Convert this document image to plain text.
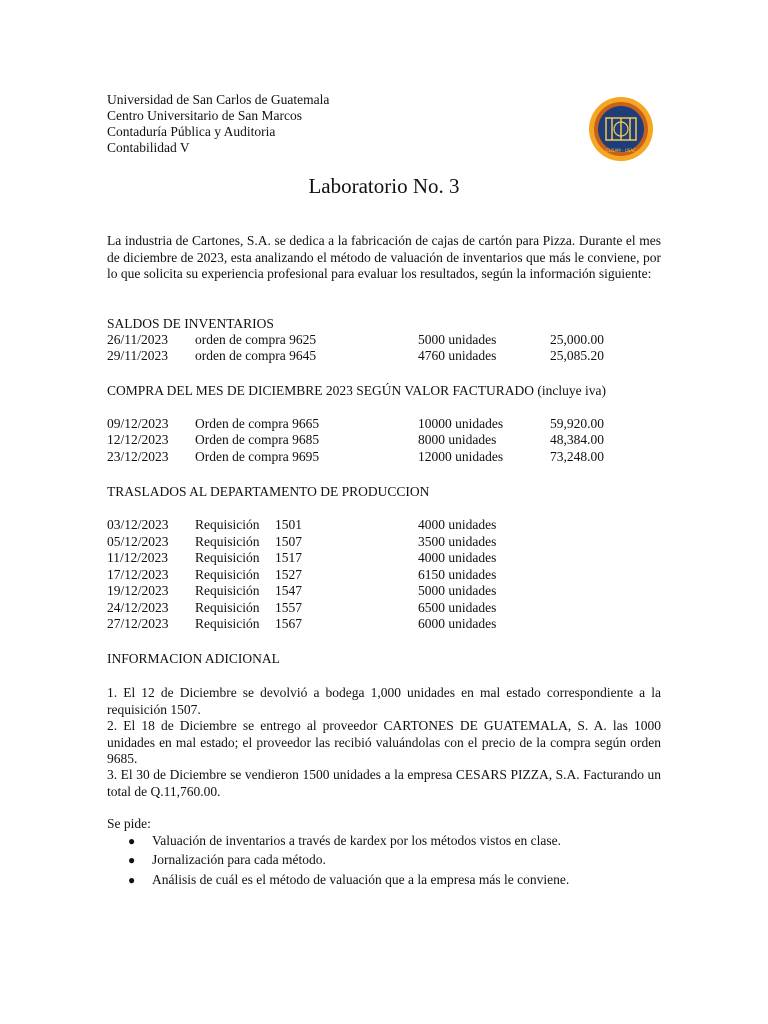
Universidad de San Carlos de Guatemala
Centro Universitario de San Marcos
Contaduría Pública y Auditoria
Contabilidad V	CUSAM - USAC
Laboratorio No. 3
La industria de Cartones, S.A. se dedica a la fabricación de cajas de cartón para Pizza. Durante el mes de diciembre de 2023, esta analizando el método de valuación de inventarios que más le conviene, por lo que solicita su experiencia profesional para evaluar los resultados, según la información siguiente:
SALDOS DE INVENTARIOS
26/11/2023 orden de compra 9625	5000 unidades	25,000.00
29/11/2023 orden de compra 9645	4760 unidades	25,085.20
COMPRA DEL MES DE DICIEMBRE 2023 SEGÚN VALOR FACTURADO (incluye iva)
09/12/2023 Orden de compra 9665	10000 unidades	59,920.00
12/12/2023 Orden de compra 9685	8000 unidades	48,384.00
23/12/2023 Orden de compra 9695	12000 unidades	73,248.00
TRASLADOS AL DEPARTAMENTO DE PRODUCCION
03/12/2023 Requisición 1501	4000 unidades
05/12/2023 Requisición 1507	3500 unidades
11/12/2023 Requisición 1517	4000 unidades
17/12/2023 Requisición 1527	6150 unidades
19/12/2023 Requisición 1547	5000 unidades
24/12/2023 Requisición 1557	6500 unidades
27/12/2023 Requisición 1567	6000 unidades
INFORMACION ADICIONAL
1. El 12 de Diciembre se devolvió a bodega 1,000 unidades en mal estado correspondiente a la requisición 1507.
2. El 18 de Diciembre se entrego al proveedor CARTONES DE GUATEMALA, S. A. las 1000 unidades en mal estado; el proveedor las recibió valuándolas con el precio de la compra según orden 9685.
3. El 30 de Diciembre se vendieron 1500 unidades a la empresa CESARS PIZZA, S.A. Facturando un total de Q.11,760.00.
Se pide:
● Valuación de inventarios a través de kardex por los métodos vistos en clase.
● Jornalización para cada método.
● Análisis de cuál es el método de valuación que a la empresa más le conviene.
